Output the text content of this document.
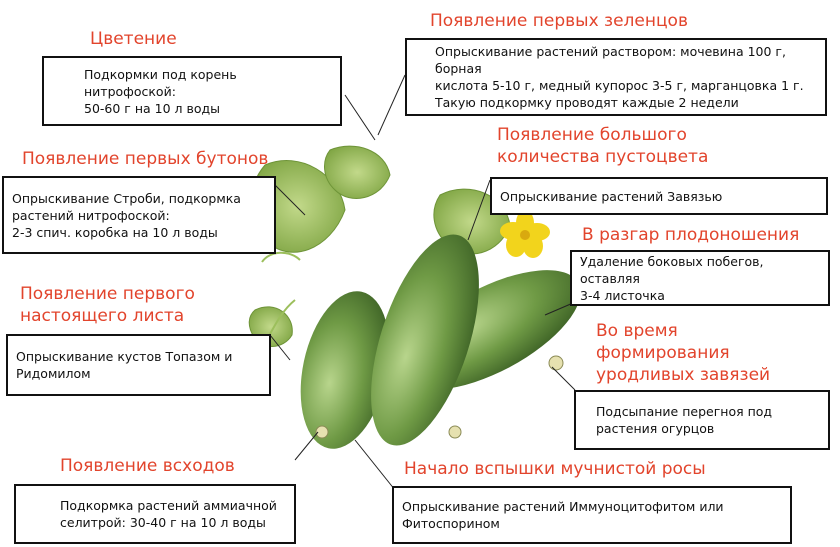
Цветение
Появление первых зеленцов
Появление первых бутонов
Появление большого
количества пустоцвета
В разгар плодоношения
Появление первого
настоящего листа
Во время
формирования
уродливых завязей
Появление всходов	Начало вспышки мучнистой росы
Подкормки под корень нитрофоской:
50-60 г на 10 л воды
Опрыскивание растений раствором: мочевина 100 г, борная
кислота 5-10 г, медный купорос 3-5 г, марганцовка 1 г.
Такую подкормку проводят каждые 2 недели
Опрыскивание Строби, подкормка
растений нитрофоской:
2-3 спич. коробка на 10 л воды
Опрыскивание растений Завязью
Удаление боковых побегов, оставляя
3-4 листочка
Опрыскивание кустов Топазом и
Ридомилом
Подсыпание перегноя под
растения огурцов
Подкормка растений аммиачной
селитрой: 30-40 г на 10 л воды
Опрыскивание растений Иммуноцитофитом или
Фитоспорином
